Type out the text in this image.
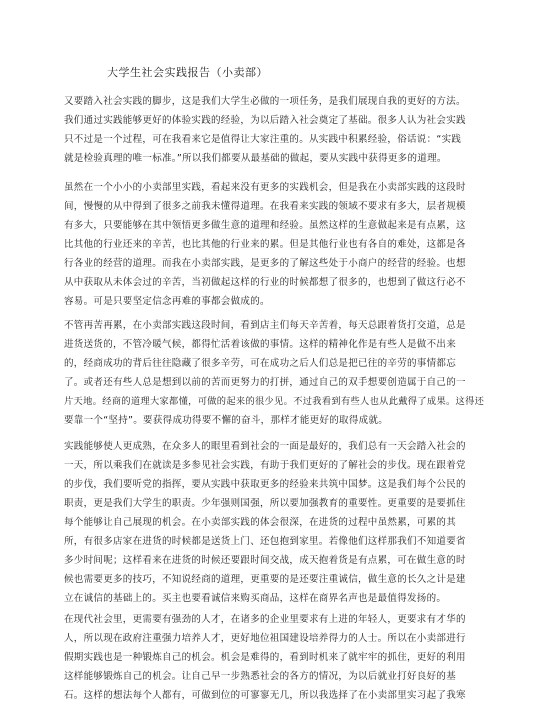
大学生社会实践报告（小卖部）
又要踏入社会实践的脚步，这是我们大学生必做的一项任务，是我们展现自我的更好的方法。
我们通过实践能够更好的体验实践的经验，为以后踏入社会奠定了基础。很多人认为社会实践
只不过是一个过程，可在我看来它是值得让大家注重的。从实践中积累经验，俗话说：“实践
就是检验真理的唯一标准。”所以我们都要从最基础的做起，要从实践中获得更多的道理。
虽然在一个小小的小卖部里实践，看起来没有更多的实践机会，但是我在小卖部实践的这段时
间，慢慢的从中得到了很多之前我未懂得道理。在我看来实践的领域不要求有多大，层者规模
有多大，只要能够在其中领悟更多做生意的道理和经验。虽然这样的生意做起来是有点累，这
比其他的行业还来的辛苦，也比其他的行业来的累。但是其他行业也有各自的难处，这都是各
行各业的经营的道理。而我在小卖部实践，是更多的了解这些处于小商户的经营的经验。也想
从中获取从未体会过的辛苦，当初做起这样的行业的时候都想了很多的，也想到了做这行必不
容易。可是只要坚定信念再难的事都会做成的。
不管再苦再累，在小卖部实践这段时间，看到店主们每天辛苦着，每天总跟着货打交道，总是
进货送货的，不管冷暖气候，都得忙活着该做的事情。这样的精神化作是有些人是做不出来
的，经商成功的背后往往隐藏了很多辛劳，可在成功之后人们总是把已往的辛劳的事情都忘
了。或者还有些人总是想到以前的苦而更努力的打拼，通过自己的双手想要创造属于自己的一
片天地。经商的道理大家都懂，可做的起来的很少见。不过我看到有些人也从此戴得了成果。这得还
要靠一个“坚持”。要获得成功得要不懈的奋斗，那样才能更好的取得成就。
实践能够使人更成熟，在众多人的眼里看到社会的一面是最好的，我们总有一天会踏入社会的
一天，所以乘我们在就读是多参见社会实践，有助于我们更好的了解社会的步伐。现在跟着党
的步伐，我们要听党的指挥，要从实践中获取更多的经验来共筑中国梦。这是我们每个公民的
职责，更是我们大学生的职责。少年强则国强，所以要加强教育的重要性。更重要的是要抓住
每个能够让自己展现的机会。在小卖部实践的体会很深，在进货的过程中虽然累，可累的其
所，有很多店家在进货的时候都是送货上门、还包抱到家里。若像他们这样那我们不知道要省
多少时间呢；这样看来在进货的时候还要跟时间交战，成天抱着货是有点累，可在做生意的时
候也需要更多的技巧，不知说经商的道理，更重要的是还要注重诚信，做生意的长久之计是建
立在诚信的基础上的。买主也要看诚信来购买商品，这样在商界名声也是最值得发扬的。
在现代社会里，更需要有强劲的人才，在诸多的企业里要求有上进的年轻人，更要求有才华的
人，所以现在政府注重强力培养人才，更好地位祖国建设培养得力的人士。所以在小卖部进行
假期实践也是一种锻炼自己的机会。机会是难得的，看到时机来了就牢牢的抓住，更好的利用
这样能够锻炼自己的机会。让自己早一步熟悉社会的各方的情况，为以后就业打好良好的基
石。这样的想法每个人都有，可做到位的可寥寥无几，所以我选择了在小卖部里实习起了我寒
